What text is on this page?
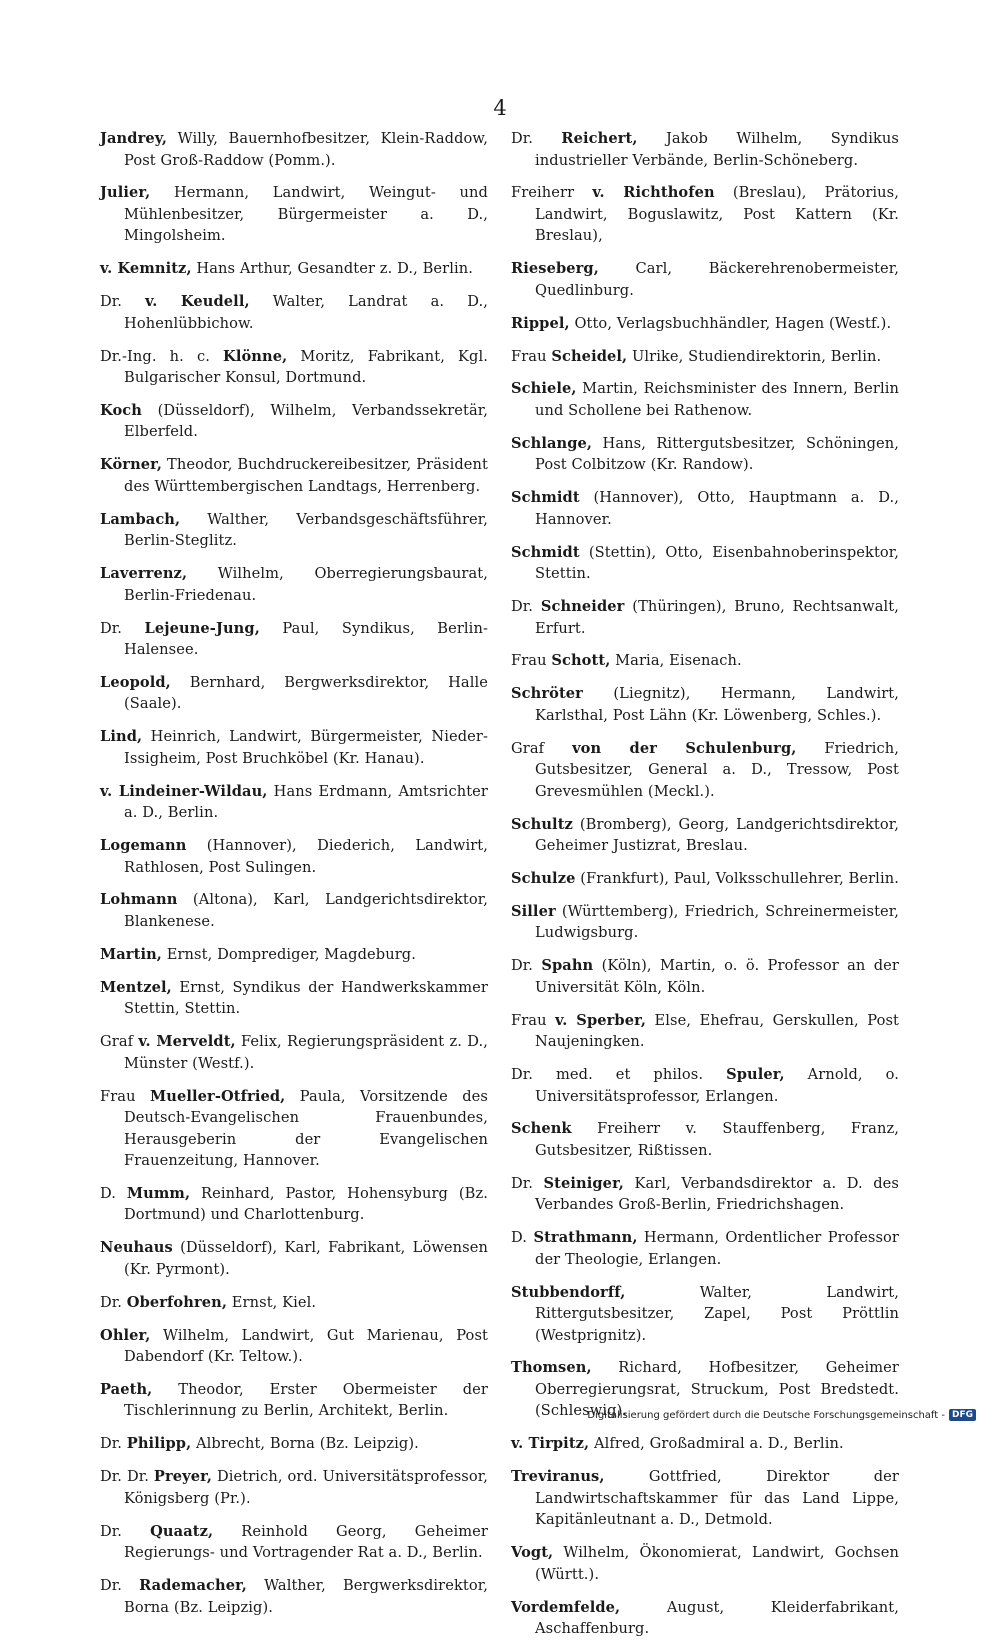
4

Jandrey, Willy, Bauernhofbesitzer, Klein-Raddow, Post Groß-Raddow (Pomm.).

Julier, Hermann, Landwirt, Weingut- und Mühlenbesitzer, Bürgermeister a. D., Mingolsheim.

v. Kemnitz, Hans Arthur, Gesandter z. D., Berlin.

Dr. v. Keudell, Walter, Landrat a. D., Hohenlübbichow.

Dr.-Ing. h. c. Klönne, Moritz, Fabrikant, Kgl. Bulgarischer Konsul, Dortmund.

Koch (Düsseldorf), Wilhelm, Verbandssekretär, Elberfeld.

Körner, Theodor, Buchdruckereibesitzer, Präsident des Württembergischen Landtags, Herrenberg.

Lambach, Walther, Verbandsgeschäftsführer, Berlin-Steglitz.

Laverrenz, Wilhelm, Oberregierungsbaurat, Berlin-Friedenau.

Dr. Lejeune-Jung, Paul, Syndikus, Berlin-Halensee.

Leopold, Bernhard, Bergwerksdirektor, Halle (Saale).

Lind, Heinrich, Landwirt, Bürgermeister, Nieder-Issigheim, Post Bruchköbel (Kr. Hanau).

v. Lindeiner-Wildau, Hans Erdmann, Amtsrichter a. D., Berlin.

Logemann (Hannover), Diederich, Landwirt, Rathlosen, Post Sulingen.

Lohmann (Altona), Karl, Landgerichtsdirektor, Blankenese.

Martin, Ernst, Domprediger, Magdeburg.

Mentzel, Ernst, Syndikus der Handwerkskammer Stettin, Stettin.

Graf v. Merveldt, Felix, Regierungspräsident z. D., Münster (Westf.).

Frau Mueller-Otfried, Paula, Vorsitzende des Deutsch-Evangelischen Frauenbundes, Herausgeberin der Evangelischen Frauenzeitung, Hannover.

D. Mumm, Reinhard, Pastor, Hohensyburg (Bz. Dortmund) und Charlottenburg.

Neuhaus (Düsseldorf), Karl, Fabrikant, Löwensen (Kr. Pyrmont).

Dr. Oberfohren, Ernst, Kiel.

Ohler, Wilhelm, Landwirt, Gut Marienau, Post Dabendorf (Kr. Teltow.).

Paeth, Theodor, Erster Obermeister der Tischlerinnung zu Berlin, Architekt, Berlin.

Dr. Philipp, Albrecht, Borna (Bz. Leipzig).

Dr. Dr. Preyer, Dietrich, ord. Universitätsprofessor, Königsberg (Pr.).

Dr. Quaatz, Reinhold Georg, Geheimer Regierungs- und Vortragender Rat a. D., Berlin.

Dr. Rademacher, Walther, Bergwerksdirektor, Borna (Bz. Leipzig).

Dr. Reichert, Jakob Wilhelm, Syndikus industrieller Verbände, Berlin-Schöneberg.

Freiherr v. Richthofen (Breslau), Prätorius, Landwirt, Boguslawitz, Post Kattern (Kr. Breslau),

Rieseberg, Carl, Bäckerehrenobermeister, Quedlinburg.

Rippel, Otto, Verlagsbuchhändler, Hagen (Westf.).

Frau Scheidel, Ulrike, Studiendirektorin, Berlin.

Schiele, Martin, Reichsminister des Innern, Berlin und Schollene bei Rathenow.

Schlange, Hans, Rittergutsbesitzer, Schöningen, Post Colbitzow (Kr. Randow).

Schmidt (Hannover), Otto, Hauptmann a. D., Hannover.

Schmidt (Stettin), Otto, Eisenbahnoberinspektor, Stettin.

Dr. Schneider (Thüringen), Bruno, Rechtsanwalt, Erfurt.

Frau Schott, Maria, Eisenach.

Schröter (Liegnitz), Hermann, Landwirt, Karlsthal, Post Lähn (Kr. Löwenberg, Schles.).

Graf von der Schulenburg, Friedrich, Gutsbesitzer, General a. D., Tressow, Post Grevesmühlen (Meckl.).

Schultz (Bromberg), Georg, Landgerichtsdirektor, Geheimer Justizrat, Breslau.

Schulze (Frankfurt), Paul, Volksschullehrer, Berlin.

Siller (Württemberg), Friedrich, Schreinermeister, Ludwigsburg.

Dr. Spahn (Köln), Martin, o. ö. Professor an der Universität Köln, Köln.

Frau v. Sperber, Else, Ehefrau, Gerskullen, Post Naujeningken.

Dr. med. et philos. Spuler, Arnold, o. Universitätsprofessor, Erlangen.

Schenk Freiherr v. Stauffenberg, Franz, Gutsbesitzer, Rißtissen.

Dr. Steiniger, Karl, Verbandsdirektor a. D. des Verbandes Groß-Berlin, Friedrichshagen.

D. Strathmann, Hermann, Ordentlicher Professor der Theologie, Erlangen.

Stubbendorff, Walter, Landwirt, Rittergutsbesitzer, Zapel, Post Pröttlin (Westprignitz).

Thomsen, Richard, Hofbesitzer, Geheimer Oberregierungsrat, Struckum, Post Bredstedt. (Schleswig).

v. Tirpitz, Alfred, Großadmiral a. D., Berlin.

Treviranus, Gottfried, Direktor der Landwirtschaftskammer für das Land Lippe, Kapitänleutnant a. D., Detmold.

Vogt, Wilhelm, Ökonomierat, Landwirt, Gochsen (Württ.).

Vordemfelde, August, Kleiderfabrikant, Aschaffenburg.

Digitalisierung gefördert durch die Deutsche Forschungsgemeinschaft - DFG
